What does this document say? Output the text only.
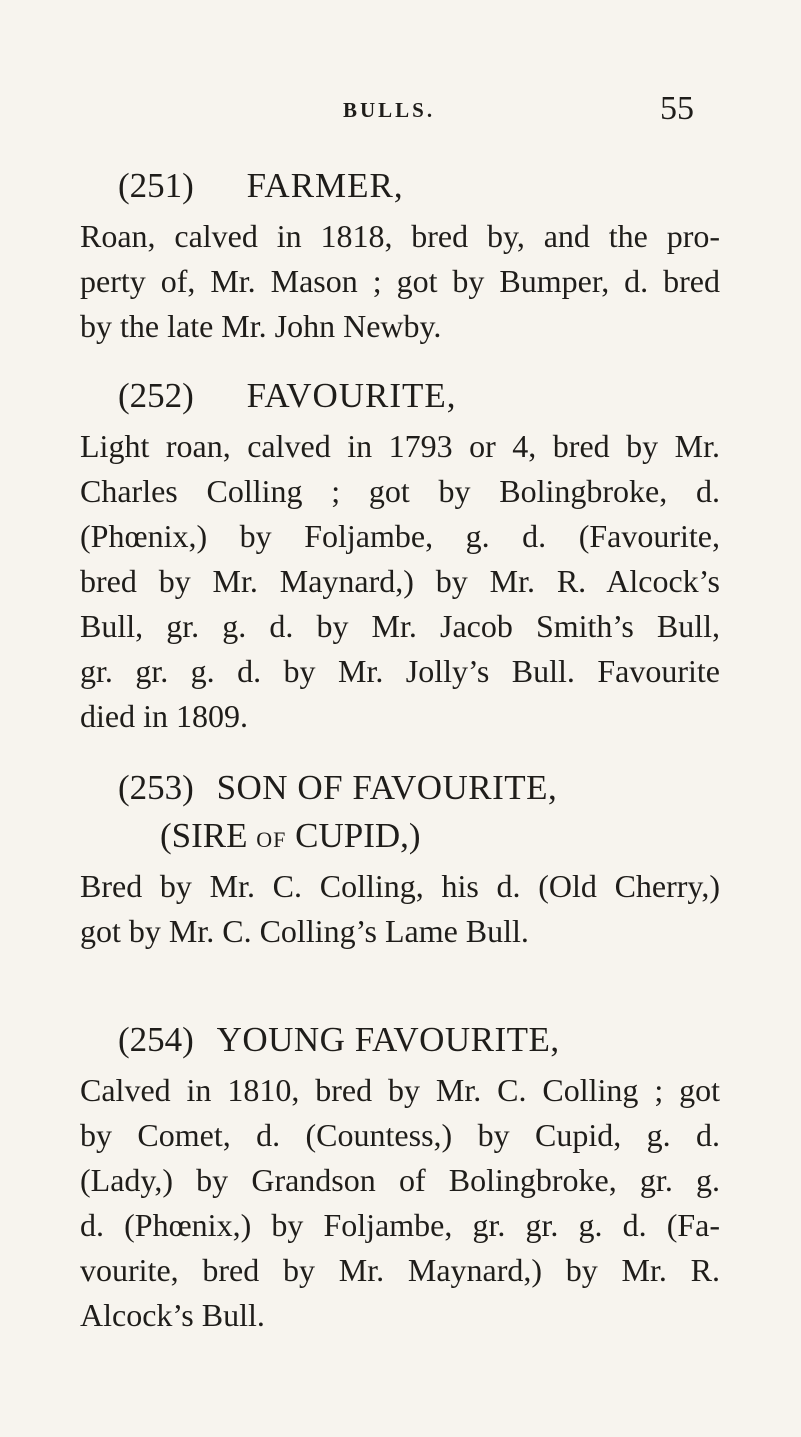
BULLS.	55
(251) FARMER,
Roan, calved in 1818, bred by, and the pro-
perty of, Mr. Mason ; got by Bumper, d. bred
by the late Mr. John Newby.
(252) FAVOURITE,
Light roan, calved in 1793 or 4, bred by Mr.
Charles Colling ; got by Bolingbroke, d.
(Phœnix,) by Foljambe, g. d. (Favourite,
bred by Mr. Maynard,) by Mr. R. Alcock’s
Bull, gr. g. d. by Mr. Jacob Smith’s Bull,
gr. gr. g. d. by Mr. Jolly’s Bull. Favourite
died in 1809.
(253) SON OF FAVOURITE,
(SIRE OF CUPID,)
Bred by Mr. C. Colling, his d. (Old Cherry,)
got by Mr. C. Colling’s Lame Bull.
(254) YOUNG FAVOURITE,
Calved in 1810, bred by Mr. C. Colling ; got
by Comet, d. (Countess,) by Cupid, g. d.
(Lady,) by Grandson of Bolingbroke, gr. g.
d. (Phœnix,) by Foljambe, gr. gr. g. d. (Fa-
vourite, bred by Mr. Maynard,) by Mr. R.
Alcock’s Bull.
